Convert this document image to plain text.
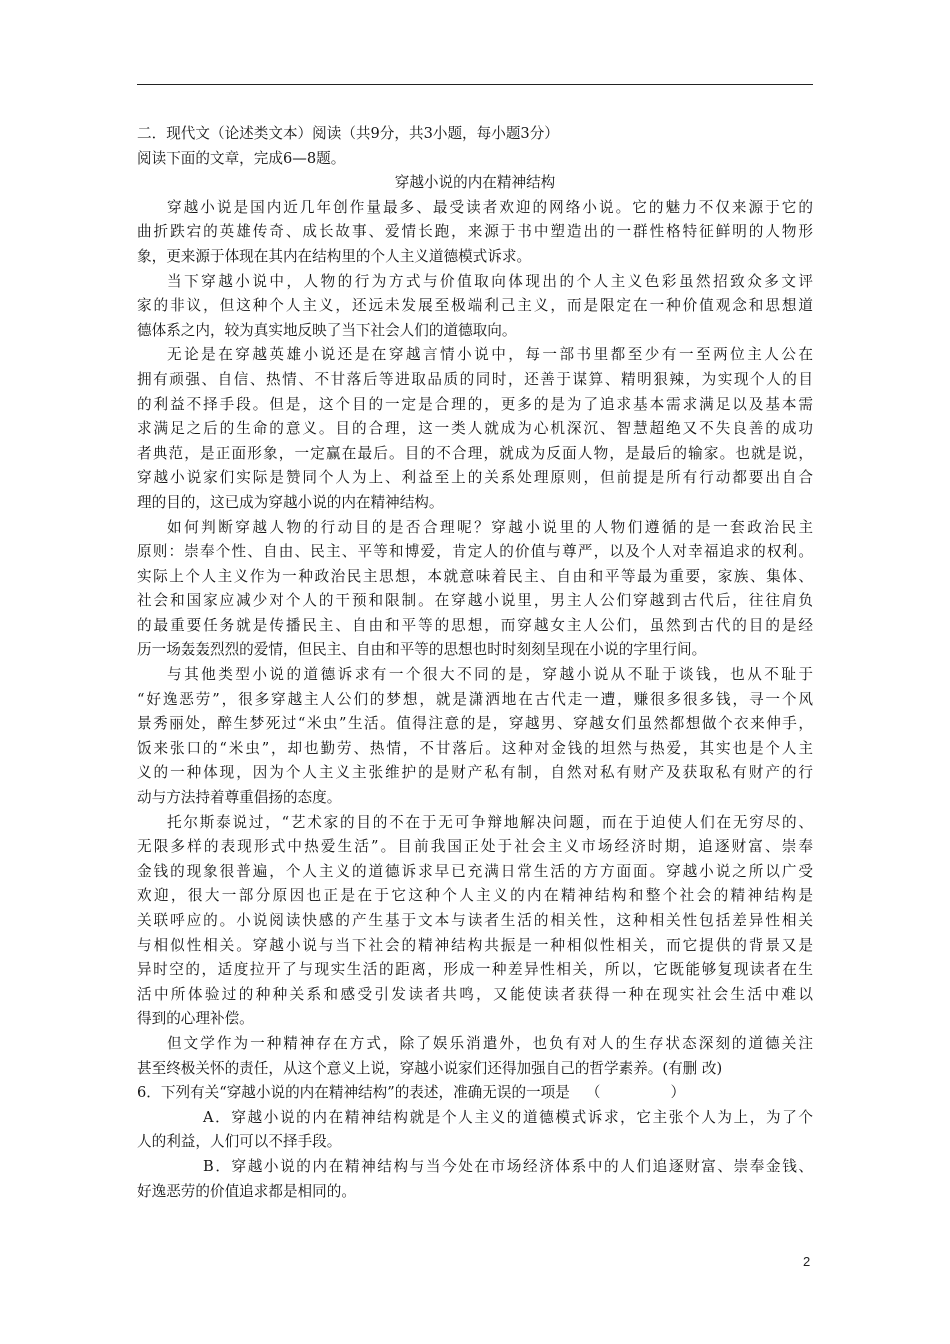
二．现代文（论述类文本）阅读（共9分，共3小题，每小题3分）
阅读下面的文章，完成6—8题。
穿越小说的内在精神结构
穿越小说是国内近几年创作量最多、最受读者欢迎的网络小说。它的魅力不仅来源于它的
曲折跌宕的英雄传奇、成长故事、爱情长跑，来源于书中塑造出的一群性格特征鲜明的人物形
象，更来源于体现在其内在结构里的个人主义道德模式诉求。
当下穿越小说中，人物的行为方式与价值取向体现出的个人主义色彩虽然招致众多文评
家的非议，但这种个人主义，还远未发展至极端利己主义，而是限定在一种价值观念和思想道
德体系之内，较为真实地反映了当下社会人们的道德取向。
无论是在穿越英雄小说还是在穿越言情小说中，每一部书里都至少有一至两位主人公在
拥有顽强、自信、热情、不甘落后等进取品质的同时，还善于谋算、精明狠辣，为实现个人的目
的利益不择手段。但是，这个目的一定是合理的，更多的是为了追求基本需求满足以及基本需
求满足之后的生命的意义。目的合理，这一类人就成为心机深沉、智慧超绝又不失良善的成功
者典范，是正面形象，一定赢在最后。目的不合理，就成为反面人物，是最后的输家。也就是说，
穿越小说家们实际是赞同个人为上、利益至上的关系处理原则，但前提是所有行动都要出自合
理的目的，这已成为穿越小说的内在精神结构。
如何判断穿越人物的行动目的是否合理呢？穿越小说里的人物们遵循的是一套政治民主
原则：崇奉个性、自由、民主、平等和博爱，肯定人的价值与尊严，以及个人对幸福追求的权利。
实际上个人主义作为一种政治民主思想，本就意味着民主、自由和平等最为重要，家族、集体、
社会和国家应减少对个人的干预和限制。在穿越小说里，男主人公们穿越到古代后，往往肩负
的最重要任务就是传播民主、自由和平等的思想，而穿越女主人公们，虽然到古代的目的是经
历一场轰轰烈烈的爱情，但民主、自由和平等的思想也时时刻刻呈现在小说的字里行间。
与其他类型小说的道德诉求有一个很大不同的是，穿越小说从不耻于谈钱，也从不耻于
“好逸恶劳”，很多穿越主人公们的梦想，就是潇洒地在古代走一遭，赚很多很多钱，寻一个风
景秀丽处，醉生梦死过“米虫”生活。值得注意的是，穿越男、穿越女们虽然都想做个衣来伸手，
饭来张口的“米虫”，却也勤劳、热情，不甘落后。这种对金钱的坦然与热爱，其实也是个人主
义的一种体现，因为个人主义主张维护的是财产私有制，自然对私有财产及获取私有财产的行
动与方法持着尊重倡扬的态度。
托尔斯泰说过，“艺术家的目的不在于无可争辩地解决问题，而在于迫使人们在无穷尽的、
无限多样的表现形式中热爱生活”。目前我国正处于社会主义市场经济时期，追逐财富、崇奉
金钱的现象很普遍，个人主义的道德诉求早已充满日常生活的方方面面。穿越小说之所以广受
欢迎，很大一部分原因也正是在于它这种个人主义的内在精神结构和整个社会的精神结构是
关联呼应的。小说阅读快感的产生基于文本与读者生活的相关性，这种相关性包括差异性相关
与相似性相关。穿越小说与当下社会的精神结构共振是一种相似性相关，而它提供的背景又是
异时空的，适度拉开了与现实生活的距离，形成一种差异性相关，所以，它既能够复现读者在生
活中所体验过的种种关系和感受引发读者共鸣，又能使读者获得一种在现实社会生活中难以
得到的心理补偿。
但文学作为一种精神存在方式，除了娱乐消遣外，也负有对人的生存状态深刻的道德关注
甚至终极关怀的责任，从这个意义上说，穿越小说家们还得加强自己的哲学素养。(有删 改)
6．下列有关“穿越小说的内在精神结构”的表述，准确无误的一项是 （	）
A．穿越小说的内在精神结构就是个人主义的道德模式诉求，它主张个人为上，为了个
人的利益，人们可以不择手段。
B．穿越小说的内在精神结构与当今处在市场经济体系中的人们追逐财富、崇奉金钱、
好逸恶劳的价值追求都是相同的。
2
